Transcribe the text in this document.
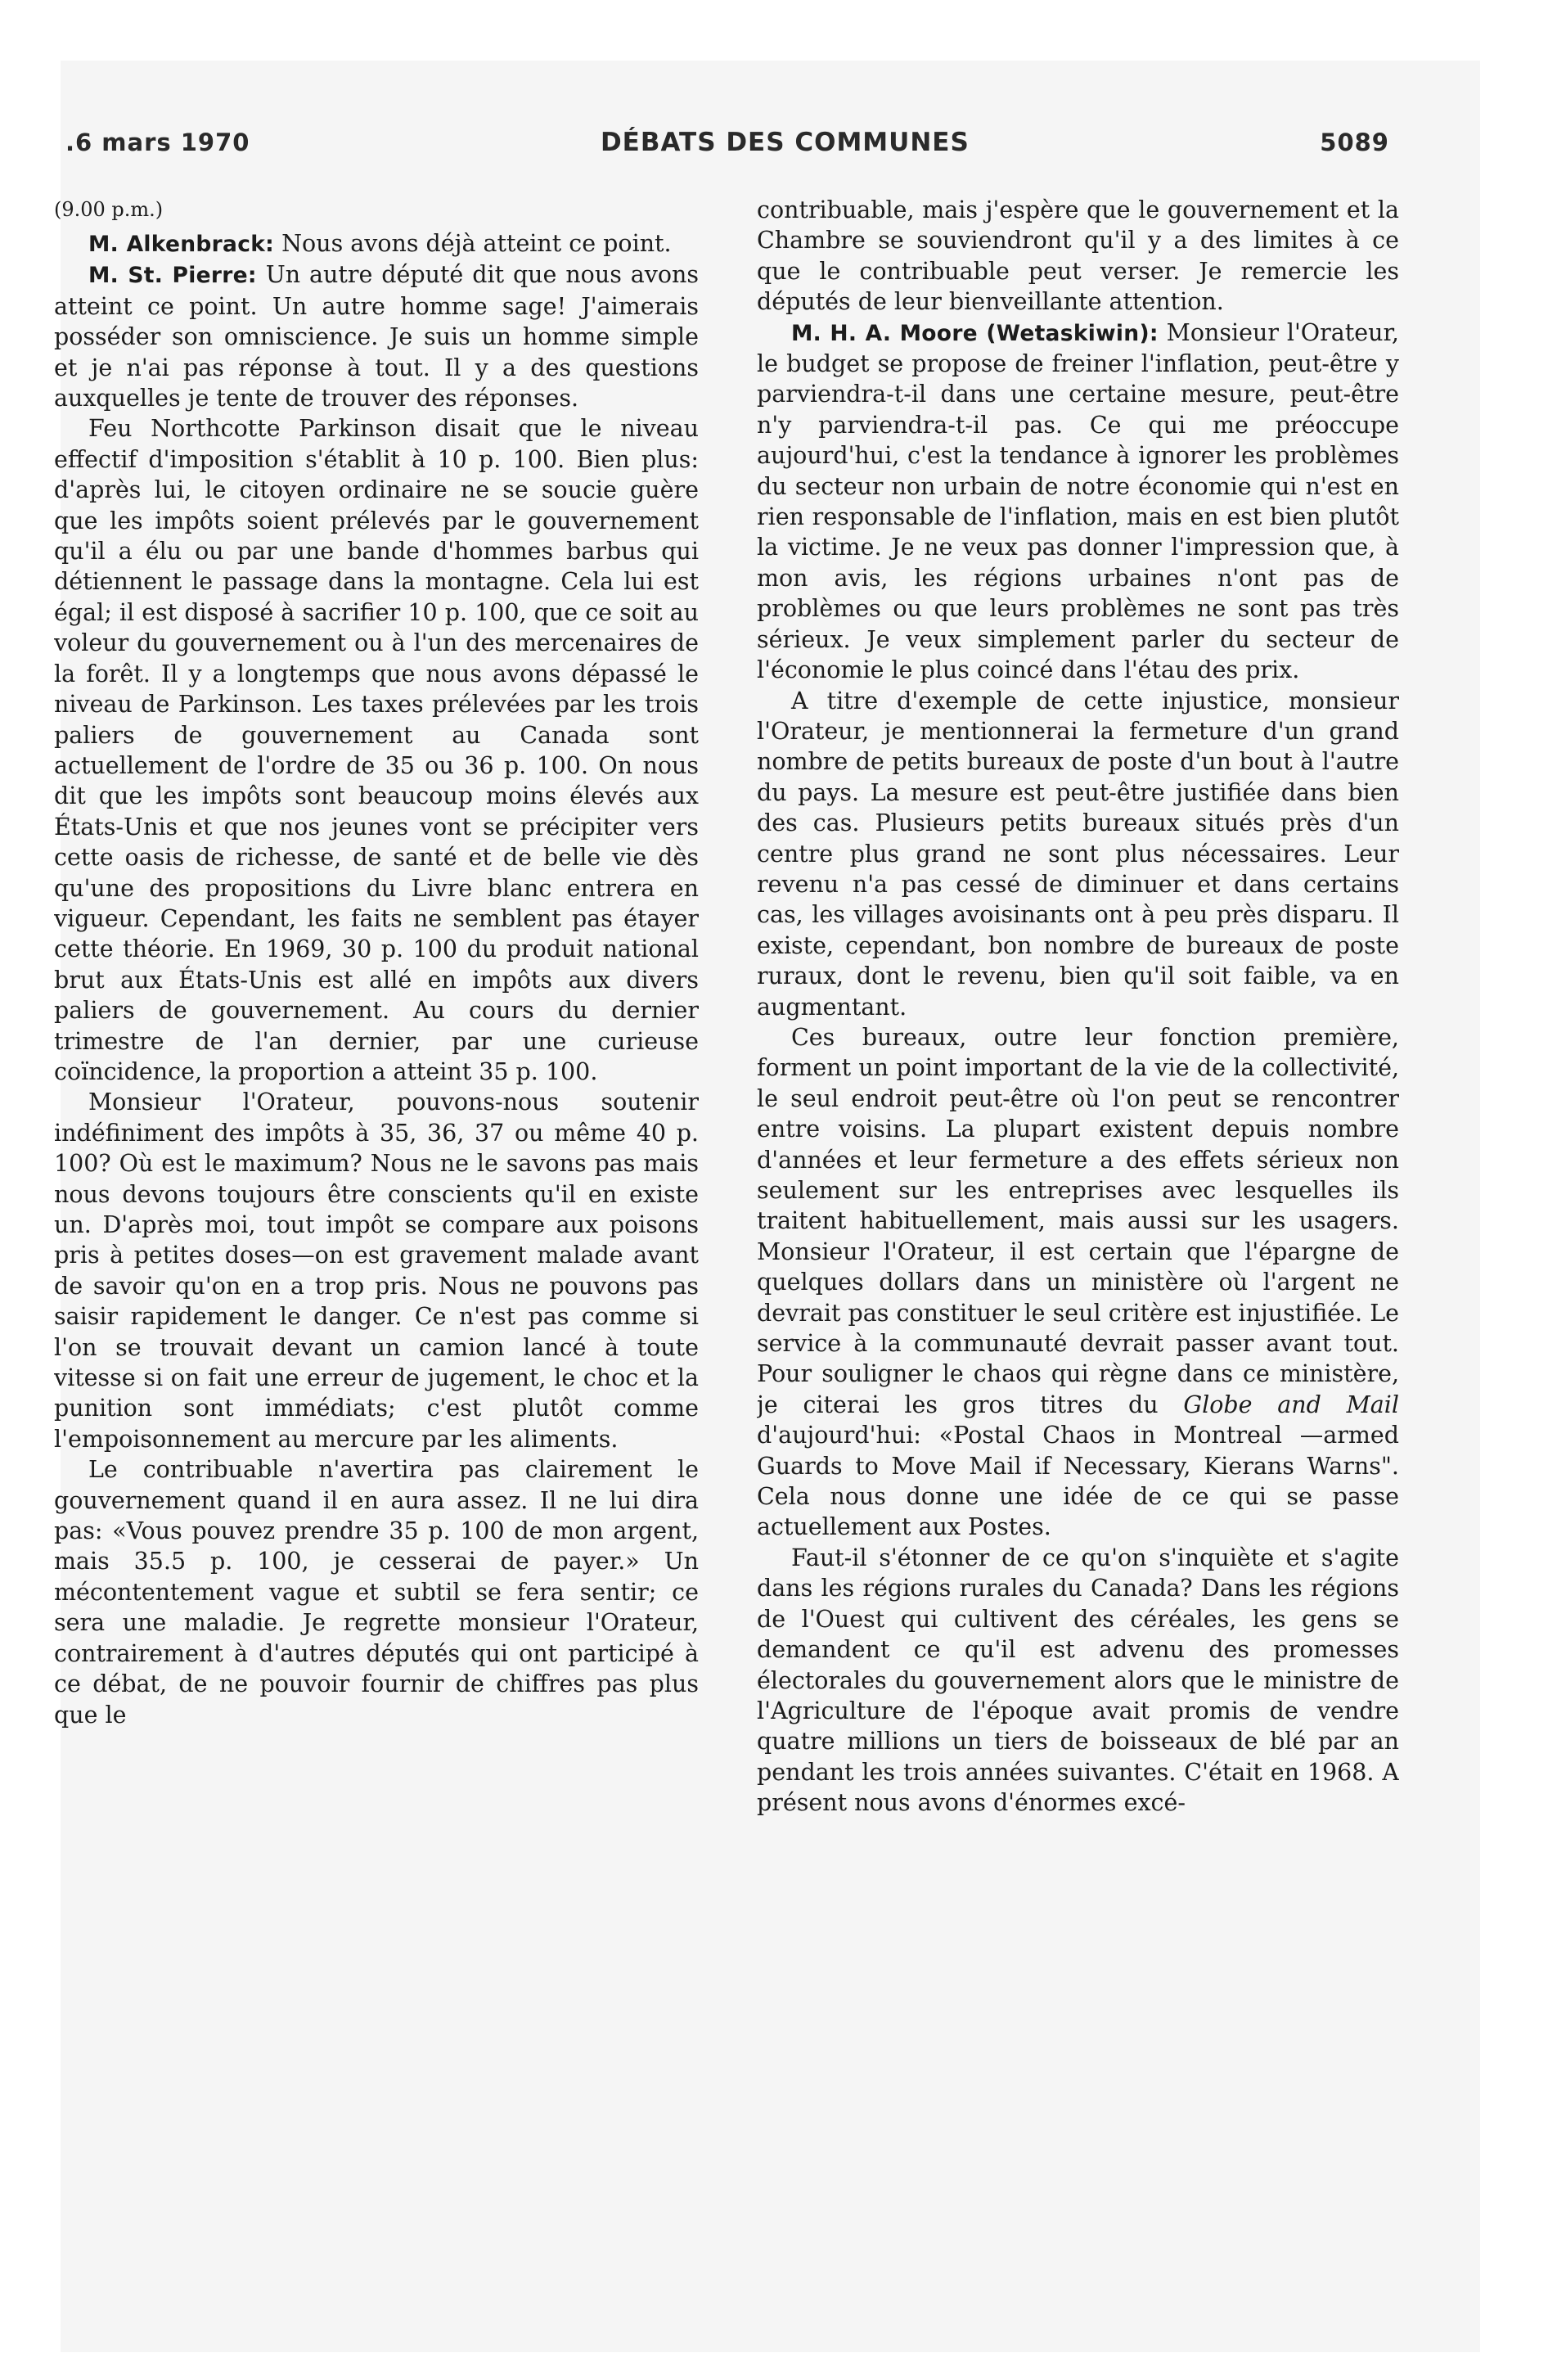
.6 mars 1970	DÉBATS DES COMMUNES	5089

(9.00 p.m.)

M. Alkenbrack: Nous avons déjà atteint ce point.

M. St. Pierre: Un autre député dit que nous avons atteint ce point. Un autre homme sage! J'aimerais posséder son omniscience. Je suis un homme simple et je n'ai pas réponse à tout. Il y a des questions auxquelles je tente de trouver des réponses.

Feu Northcotte Parkinson disait que le niveau effectif d'imposition s'établit à 10 p. 100. Bien plus: d'après lui, le citoyen ordinaire ne se soucie guère que les impôts soient prélevés par le gouvernement qu'il a élu ou par une bande d'hommes barbus qui détiennent le passage dans la montagne. Cela lui est égal; il est disposé à sacrifier 10 p. 100, que ce soit au voleur du gouvernement ou à l'un des mercenaires de la forêt. Il y a longtemps que nous avons dépassé le niveau de Parkinson. Les taxes prélevées par les trois paliers de gouvernement au Canada sont actuellement de l'ordre de 35 ou 36 p. 100. On nous dit que les impôts sont beaucoup moins élevés aux États-Unis et que nos jeunes vont se précipiter vers cette oasis de richesse, de santé et de belle vie dès qu'une des propositions du Livre blanc entrera en vigueur. Cependant, les faits ne semblent pas étayer cette théorie. En 1969, 30 p. 100 du produit national brut aux États-Unis est allé en impôts aux divers paliers de gouvernement. Au cours du dernier trimestre de l'an dernier, par une curieuse coïncidence, la proportion a atteint 35 p. 100.

Monsieur l'Orateur, pouvons-nous soutenir indéfiniment des impôts à 35, 36, 37 ou même 40 p. 100? Où est le maximum? Nous ne le savons pas mais nous devons toujours être conscients qu'il en existe un. D'après moi, tout impôt se compare aux poisons pris à petites doses—on est gravement malade avant de savoir qu'on en a trop pris. Nous ne pouvons pas saisir rapidement le danger. Ce n'est pas comme si l'on se trouvait devant un camion lancé à toute vitesse si on fait une erreur de jugement, le choc et la punition sont immédiats; c'est plutôt comme l'empoisonnement au mercure par les aliments.

Le contribuable n'avertira pas clairement le gouvernement quand il en aura assez. Il ne lui dira pas: «Vous pouvez prendre 35 p. 100 de mon argent, mais 35.5 p. 100, je cesserai de payer.» Un mécontentement vague et subtil se fera sentir; ce sera une maladie. Je regrette monsieur l'Orateur, contrairement à d'autres députés qui ont participé à ce débat, de ne pouvoir fournir de chiffres pas plus que le

contribuable, mais j'espère que le gouvernement et la Chambre se souviendront qu'il y a des limites à ce que le contribuable peut verser. Je remercie les députés de leur bienveillante attention.

M. H. A. Moore (Wetaskiwin): Monsieur l'Orateur, le budget se propose de freiner l'inflation, peut-être y parviendra-t-il dans une certaine mesure, peut-être n'y parviendra-t-il pas. Ce qui me préoccupe aujourd'hui, c'est la tendance à ignorer les problèmes du secteur non urbain de notre économie qui n'est en rien responsable de l'inflation, mais en est bien plutôt la victime. Je ne veux pas donner l'impression que, à mon avis, les régions urbaines n'ont pas de problèmes ou que leurs problèmes ne sont pas très sérieux. Je veux simplement parler du secteur de l'économie le plus coincé dans l'étau des prix.

A titre d'exemple de cette injustice, monsieur l'Orateur, je mentionnerai la fermeture d'un grand nombre de petits bureaux de poste d'un bout à l'autre du pays. La mesure est peut-être justifiée dans bien des cas. Plusieurs petits bureaux situés près d'un centre plus grand ne sont plus nécessaires. Leur revenu n'a pas cessé de diminuer et dans certains cas, les villages avoisinants ont à peu près disparu. Il existe, cependant, bon nombre de bureaux de poste ruraux, dont le revenu, bien qu'il soit faible, va en augmentant.

Ces bureaux, outre leur fonction première, forment un point important de la vie de la collectivité, le seul endroit peut-être où l'on peut se rencontrer entre voisins. La plupart existent depuis nombre d'années et leur fermeture a des effets sérieux non seulement sur les entreprises avec lesquelles ils traitent habituellement, mais aussi sur les usagers. Monsieur l'Orateur, il est certain que l'épargne de quelques dollars dans un ministère où l'argent ne devrait pas constituer le seul critère est injustifiée. Le service à la communauté devrait passer avant tout. Pour souligner le chaos qui règne dans ce ministère, je citerai les gros titres du Globe and Mail d'aujourd'hui: «Postal Chaos in Montreal —armed Guards to Move Mail if Necessary, Kierans Warns". Cela nous donne une idée de ce qui se passe actuellement aux Postes.

Faut-il s'étonner de ce qu'on s'inquiète et s'agite dans les régions rurales du Canada? Dans les régions de l'Ouest qui cultivent des céréales, les gens se demandent ce qu'il est advenu des promesses électorales du gouvernement alors que le ministre de l'Agriculture de l'époque avait promis de vendre quatre millions un tiers de boisseaux de blé par an pendant les trois années suivantes. C'était en 1968. A présent nous avons d'énormes excé-
